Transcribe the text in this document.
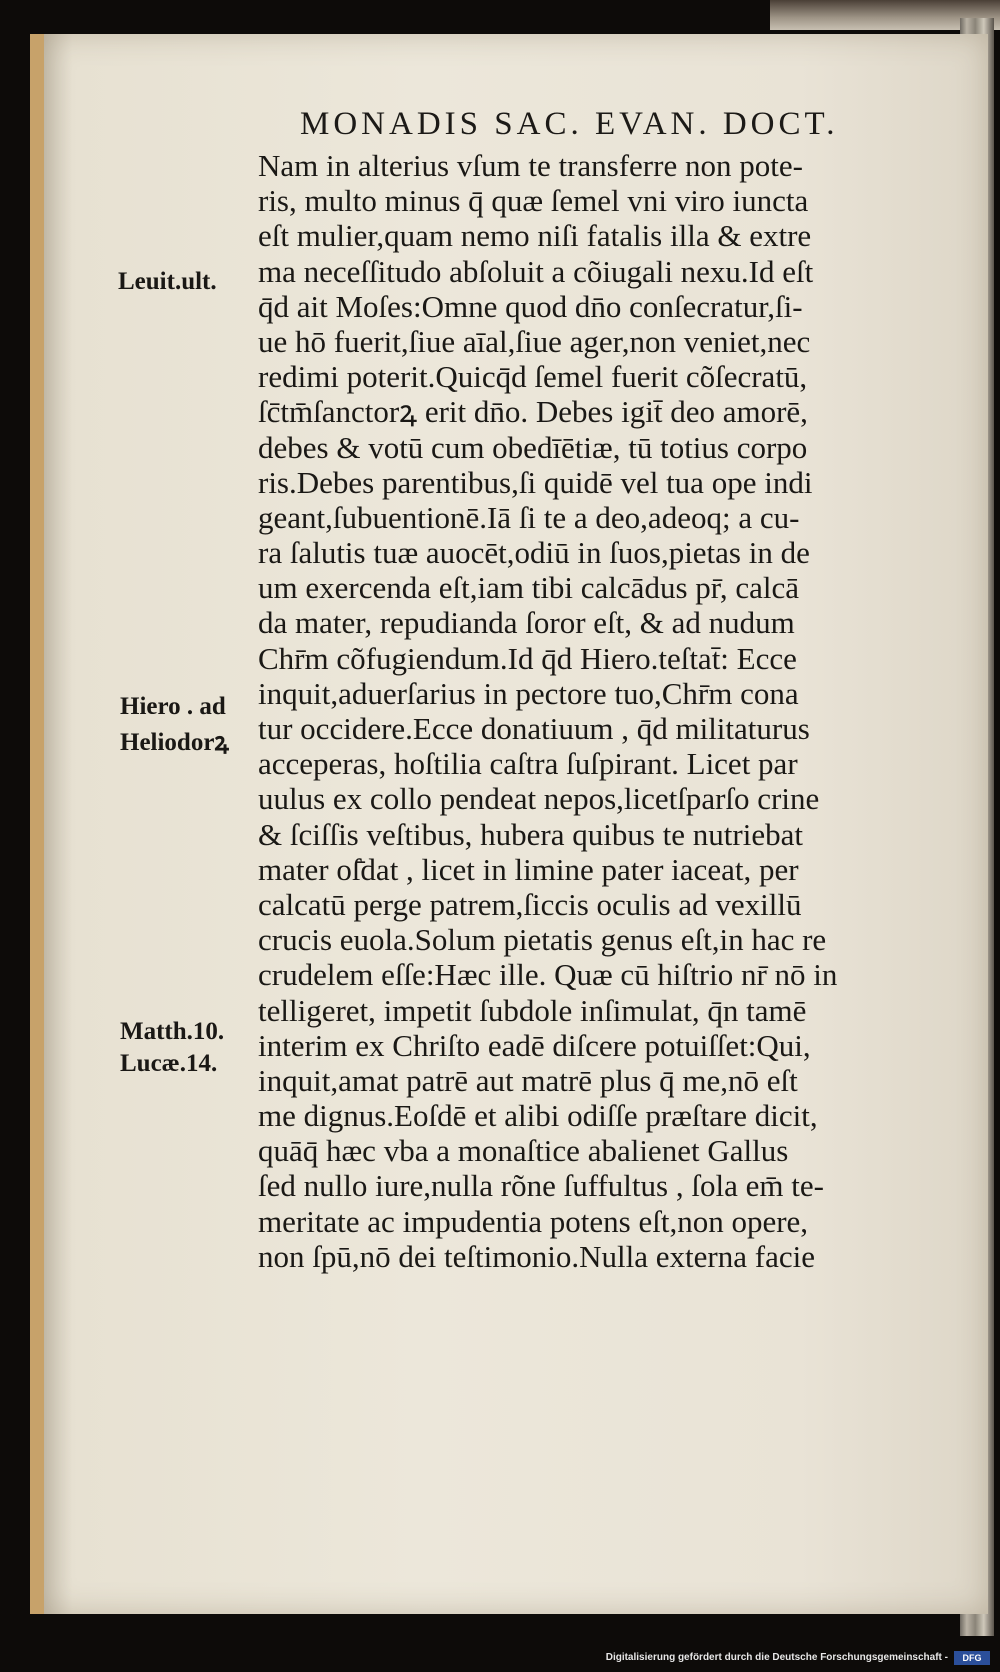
MONADIS SAC. EVAN. DOCT.
Leuit.ult.
Hiero . ad
Heliodorꝝ
Matth.10.
Lucæ.14.
Nam in alterius vſum te transferre non pote-
ris, multo minus q̄ quæ ſemel vni viro iuncta
eſt mulier,quam nemo niſi fatalis illa & extre
ma neceſſitudo abſoluit a cõiugali nexu.Id eſt
q̄d ait Moſes:Omne quod dn̄o conſecratur,ſi-
ue hō fuerit,ſiue aīal,ſiue ager,non veniet,nec
redimi poterit.Quicq̄d ſemel fuerit cõſecratū,
ſc̄tm̄ſanctorꝝ erit dn̄o. Debes igit̄ deo amorē,
debes & votū cum obedīētiæ, tū totius corpo
ris.Debes parentibus,ſi quidē vel tua ope indi
geant,ſubuentionē.Iā ſi te a deo,adeoq; a cu-
ra ſalutis tuæ auocēt,odiū in ſuos,pietas in de
um exercenda eſt,iam tibi calcādus pr̄, calcā
da mater, repudianda ſoror eſt, & ad nudum
Chr̄m cõfugiendum.Id q̄d Hiero.teſtat̄: Ecce
inquit,aduerſarius in pectore tuo,Chr̄m cona
tur occidere.Ecce donatiuum , q̄d militaturus
acceperas, hoſtilia caſtra ſuſpirant. Licet par
uulus ex collo pendeat nepos,licetſparſo crine
& ſciſſis veſtibus, hubera quibus te nutriebat
mater oſ̄dat , licet in limine pater iaceat, per
calcatū perge patrem,ſiccis oculis ad vexillū
crucis euola.Solum pietatis genus eſt,in hac re
crudelem eſſe:Hæc ille. Quæ cū hiſtrio nr̄ nō in
telligeret, impetit ſubdole inſimulat, q̄n tamē
interim ex Chriſto eadē diſcere potuiſſet:Qui,
inquit,amat patrē aut matrē plus q̄ me,nō eſt
me dignus.Eoſdē et alibi odiſſe præſtare dicit,
quāq̄ hæc vba a monaſtice abalienet Gallus
ſed nullo iure,nulla rõne ſuffultus , ſola em̄ te-
meritate ac impudentia potens eſt,non opere,
non ſpū,nō dei teſtimonio.Nulla externa facie
Digitalisierung gefördert durch die Deutsche Forschungsgemeinschaft -	DFG
